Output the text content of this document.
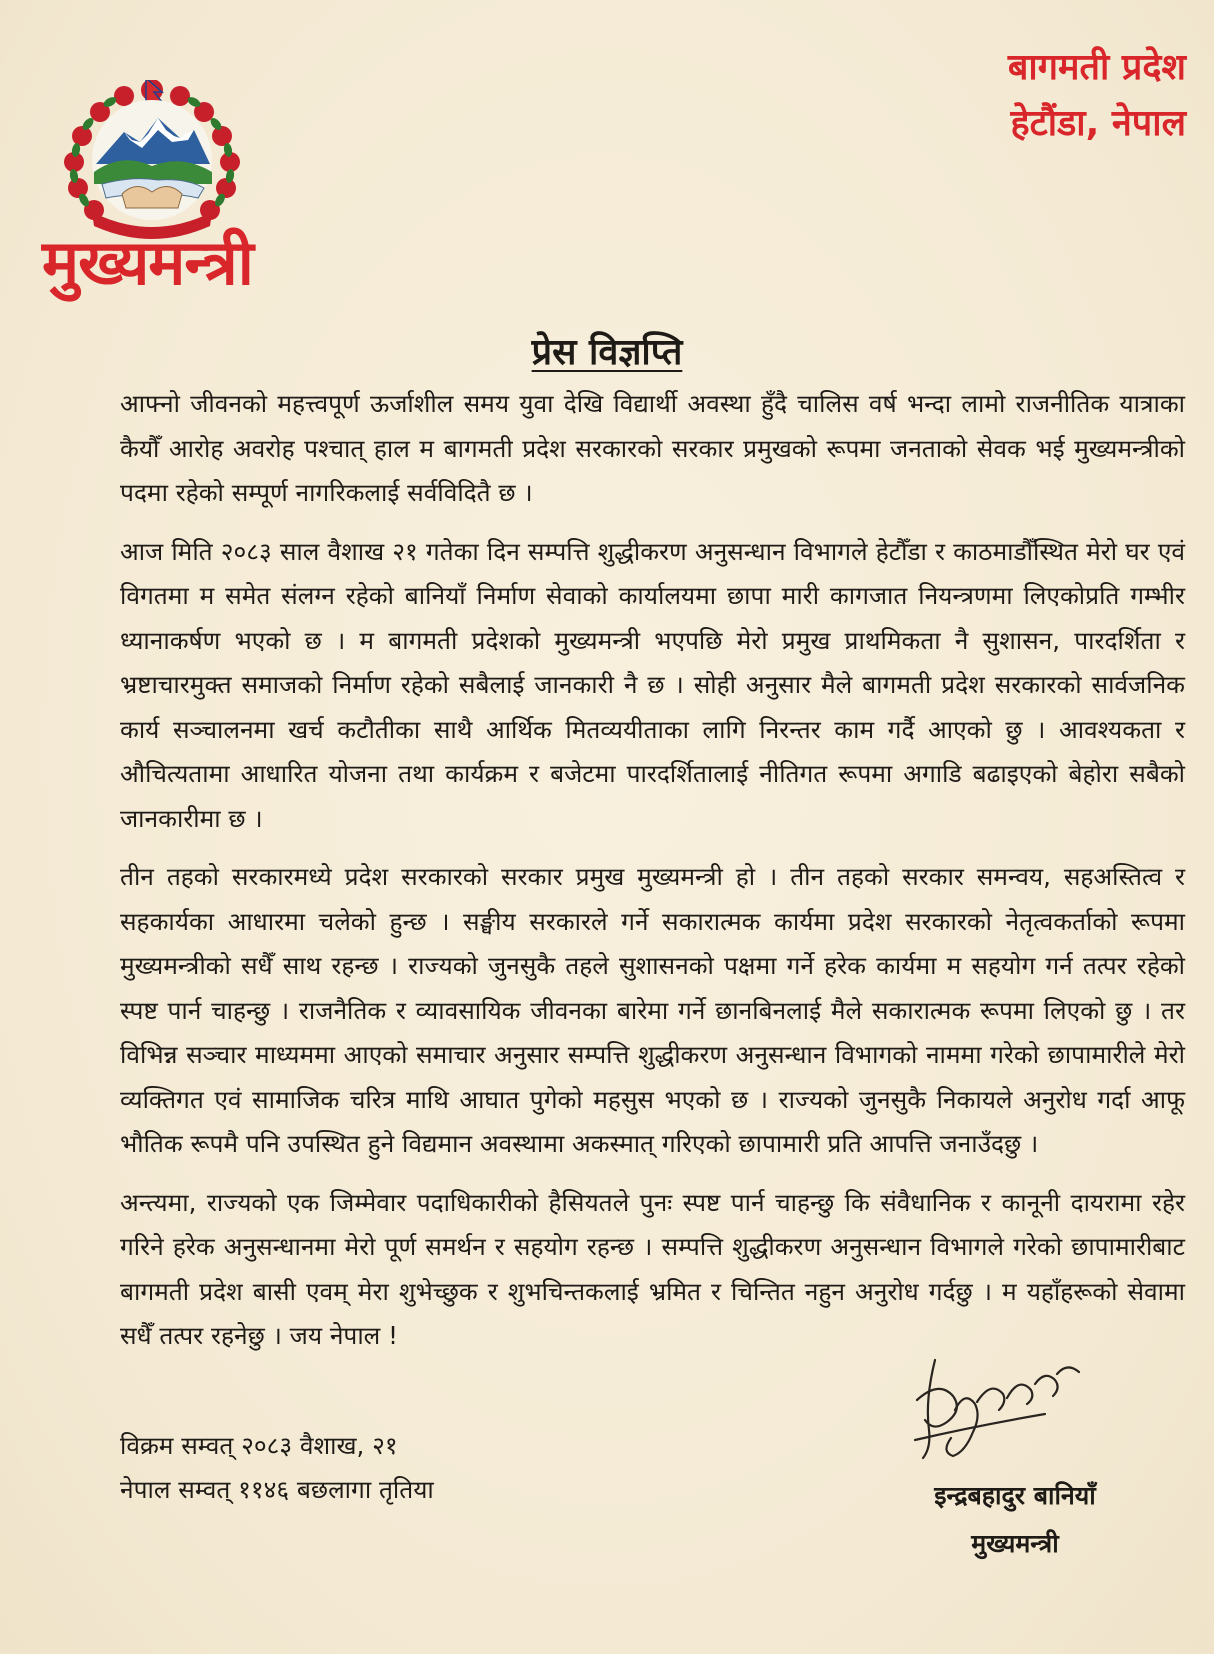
मुख्यमन्त्री
बागमती प्रदेश
हेटौंडा, नेपाल
प्रेस विज्ञप्ति

आफ्नो जीवनको महत्त्वपूर्ण ऊर्जाशील समय युवा देखि विद्यार्थी अवस्था हुँदै चालिस वर्ष भन्दा लामो राजनीतिक यात्राका कैयौँ आरोह अवरोह पश्चात् हाल म बागमती प्रदेश सरकारको सरकार प्रमुखको रूपमा जनताको सेवक भई मुख्यमन्त्रीको पदमा रहेको सम्पूर्ण नागरिकलाई सर्वविदितै छ ।

आज मिति २०८३ साल वैशाख २१ गतेका दिन सम्पत्ति शुद्धीकरण अनुसन्धान विभागले हेटौँडा र काठमाडौँस्थित मेरो घर एवं विगतमा म समेत संलग्न रहेको बानियाँ निर्माण सेवाको कार्यालयमा छापा मारी कागजात नियन्त्रणमा लिएकोप्रति गम्भीर ध्यानाकर्षण भएको छ । म बागमती प्रदेशको मुख्यमन्त्री भएपछि मेरो प्रमुख प्राथमिकता नै सुशासन, पारदर्शिता र भ्रष्टाचारमुक्त समाजको निर्माण रहेको सबैलाई जानकारी नै छ । सोही अनुसार मैले बागमती प्रदेश सरकारको सार्वजनिक कार्य सञ्चालनमा खर्च कटौतीका साथै आर्थिक मितव्ययीताका लागि निरन्तर काम गर्दै आएको छु । आवश्यकता र औचित्यतामा आधारित योजना तथा कार्यक्रम र बजेटमा पारदर्शितालाई नीतिगत रूपमा अगाडि बढाइएको बेहोरा सबैको जानकारीमा छ ।

तीन तहको सरकारमध्ये प्रदेश सरकारको सरकार प्रमुख मुख्यमन्त्री हो । तीन तहको सरकार समन्वय, सहअस्तित्व र सहकार्यका आधारमा चलेको हुन्छ । सङ्घीय सरकारले गर्ने सकारात्मक कार्यमा प्रदेश सरकारको नेतृत्वकर्ताको रूपमा मुख्यमन्त्रीको सधैँ साथ रहन्छ । राज्यको जुनसुकै तहले सुशासनको पक्षमा गर्ने हरेक कार्यमा म सहयोग गर्न तत्पर रहेको स्पष्ट पार्न चाहन्छु । राजनैतिक र व्यावसायिक जीवनका बारेमा गर्ने छानबिनलाई मैले सकारात्मक रूपमा लिएको छु । तर विभिन्न सञ्चार माध्यममा आएको समाचार अनुसार सम्पत्ति शुद्धीकरण अनुसन्धान विभागको नाममा गरेको छापामारीले मेरो व्यक्तिगत एवं सामाजिक चरित्र माथि आघात पुगेको महसुस भएको छ । राज्यको जुनसुकै निकायले अनुरोध गर्दा आफू भौतिक रूपमै पनि उपस्थित हुने विद्यमान अवस्थामा अकस्मात् गरिएको छापामारी प्रति आपत्ति जनाउँदछु ।

अन्त्यमा, राज्यको एक जिम्मेवार पदाधिकारीको हैसियतले पुनः स्पष्ट पार्न चाहन्छु कि संवैधानिक र कानूनी दायरामा रहेर गरिने हरेक अनुसन्धानमा मेरो पूर्ण समर्थन र सहयोग रहन्छ । सम्पत्ति शुद्धीकरण अनुसन्धान विभागले गरेको छापामारीबाट बागमती प्रदेश बासी एवम् मेरा शुभेच्छुक र शुभचिन्तकलाई भ्रमित र चिन्तित नहुन अनुरोध गर्दछु । म यहाँहरूको सेवामा सधैँ तत्पर रहनेछु । जय नेपाल !

विक्रम सम्वत् २०८३ वैशाख, २१
नेपाल सम्वत् ११४६ बछलागा तृतिया	इन्द्रबहादुर बानियाँ
मुख्यमन्त्री
